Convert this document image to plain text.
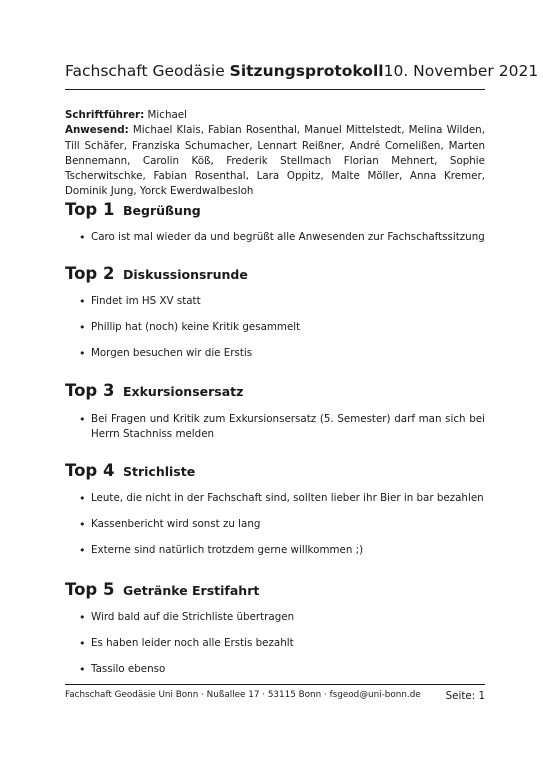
Fachschaft Geodäsie Sitzungsprotokoll 10. November 2021
Schriftführer: Michael
Anwesend: Michael Klais, Fabian Rosenthal, Manuel Mittelstedt, Melina Wilden, Till Schäfer, Franziska Schumacher, Lennart Reißner, André Cornelißen, Marten Bennemann, Carolin Köß, Frederik Stellmach Florian Mehnert, Sophie Tscherwitschke, Fabian Rosenthal, Lara Oppitz, Malte Möller, Anna Kremer, Dominik Jung, Yorck Ewerdwalbesloh
Top 1 Begrüßung
• Caro ist mal wieder da und begrüßt alle Anwesenden zur Fachschaftssitzung
Top 2 Diskussionsrunde
• Findet im HS XV statt
• Phillip hat (noch) keine Kritik gesammelt
• Morgen besuchen wir die Erstis
Top 3 Exkursionsersatz
• Bei Fragen und Kritik zum Exkursionsersatz (5. Semester) darf man sich bei Herrn Stachniss melden
Top 4 Strichliste
• Leute, die nicht in der Fachschaft sind, sollten lieber ihr Bier in bar bezahlen
• Kassenbericht wird sonst zu lang
• Externe sind natürlich trotzdem gerne willkommen ;)
Top 5 Getränke Erstifahrt
• Wird bald auf die Strichliste übertragen
• Es haben leider noch alle Erstis bezahlt
• Tassilo ebenso
Fachschaft Geodäsie Uni Bonn · Nußallee 17 · 53115 Bonn · fsgeod@uni-bonn.de Seite: 1
